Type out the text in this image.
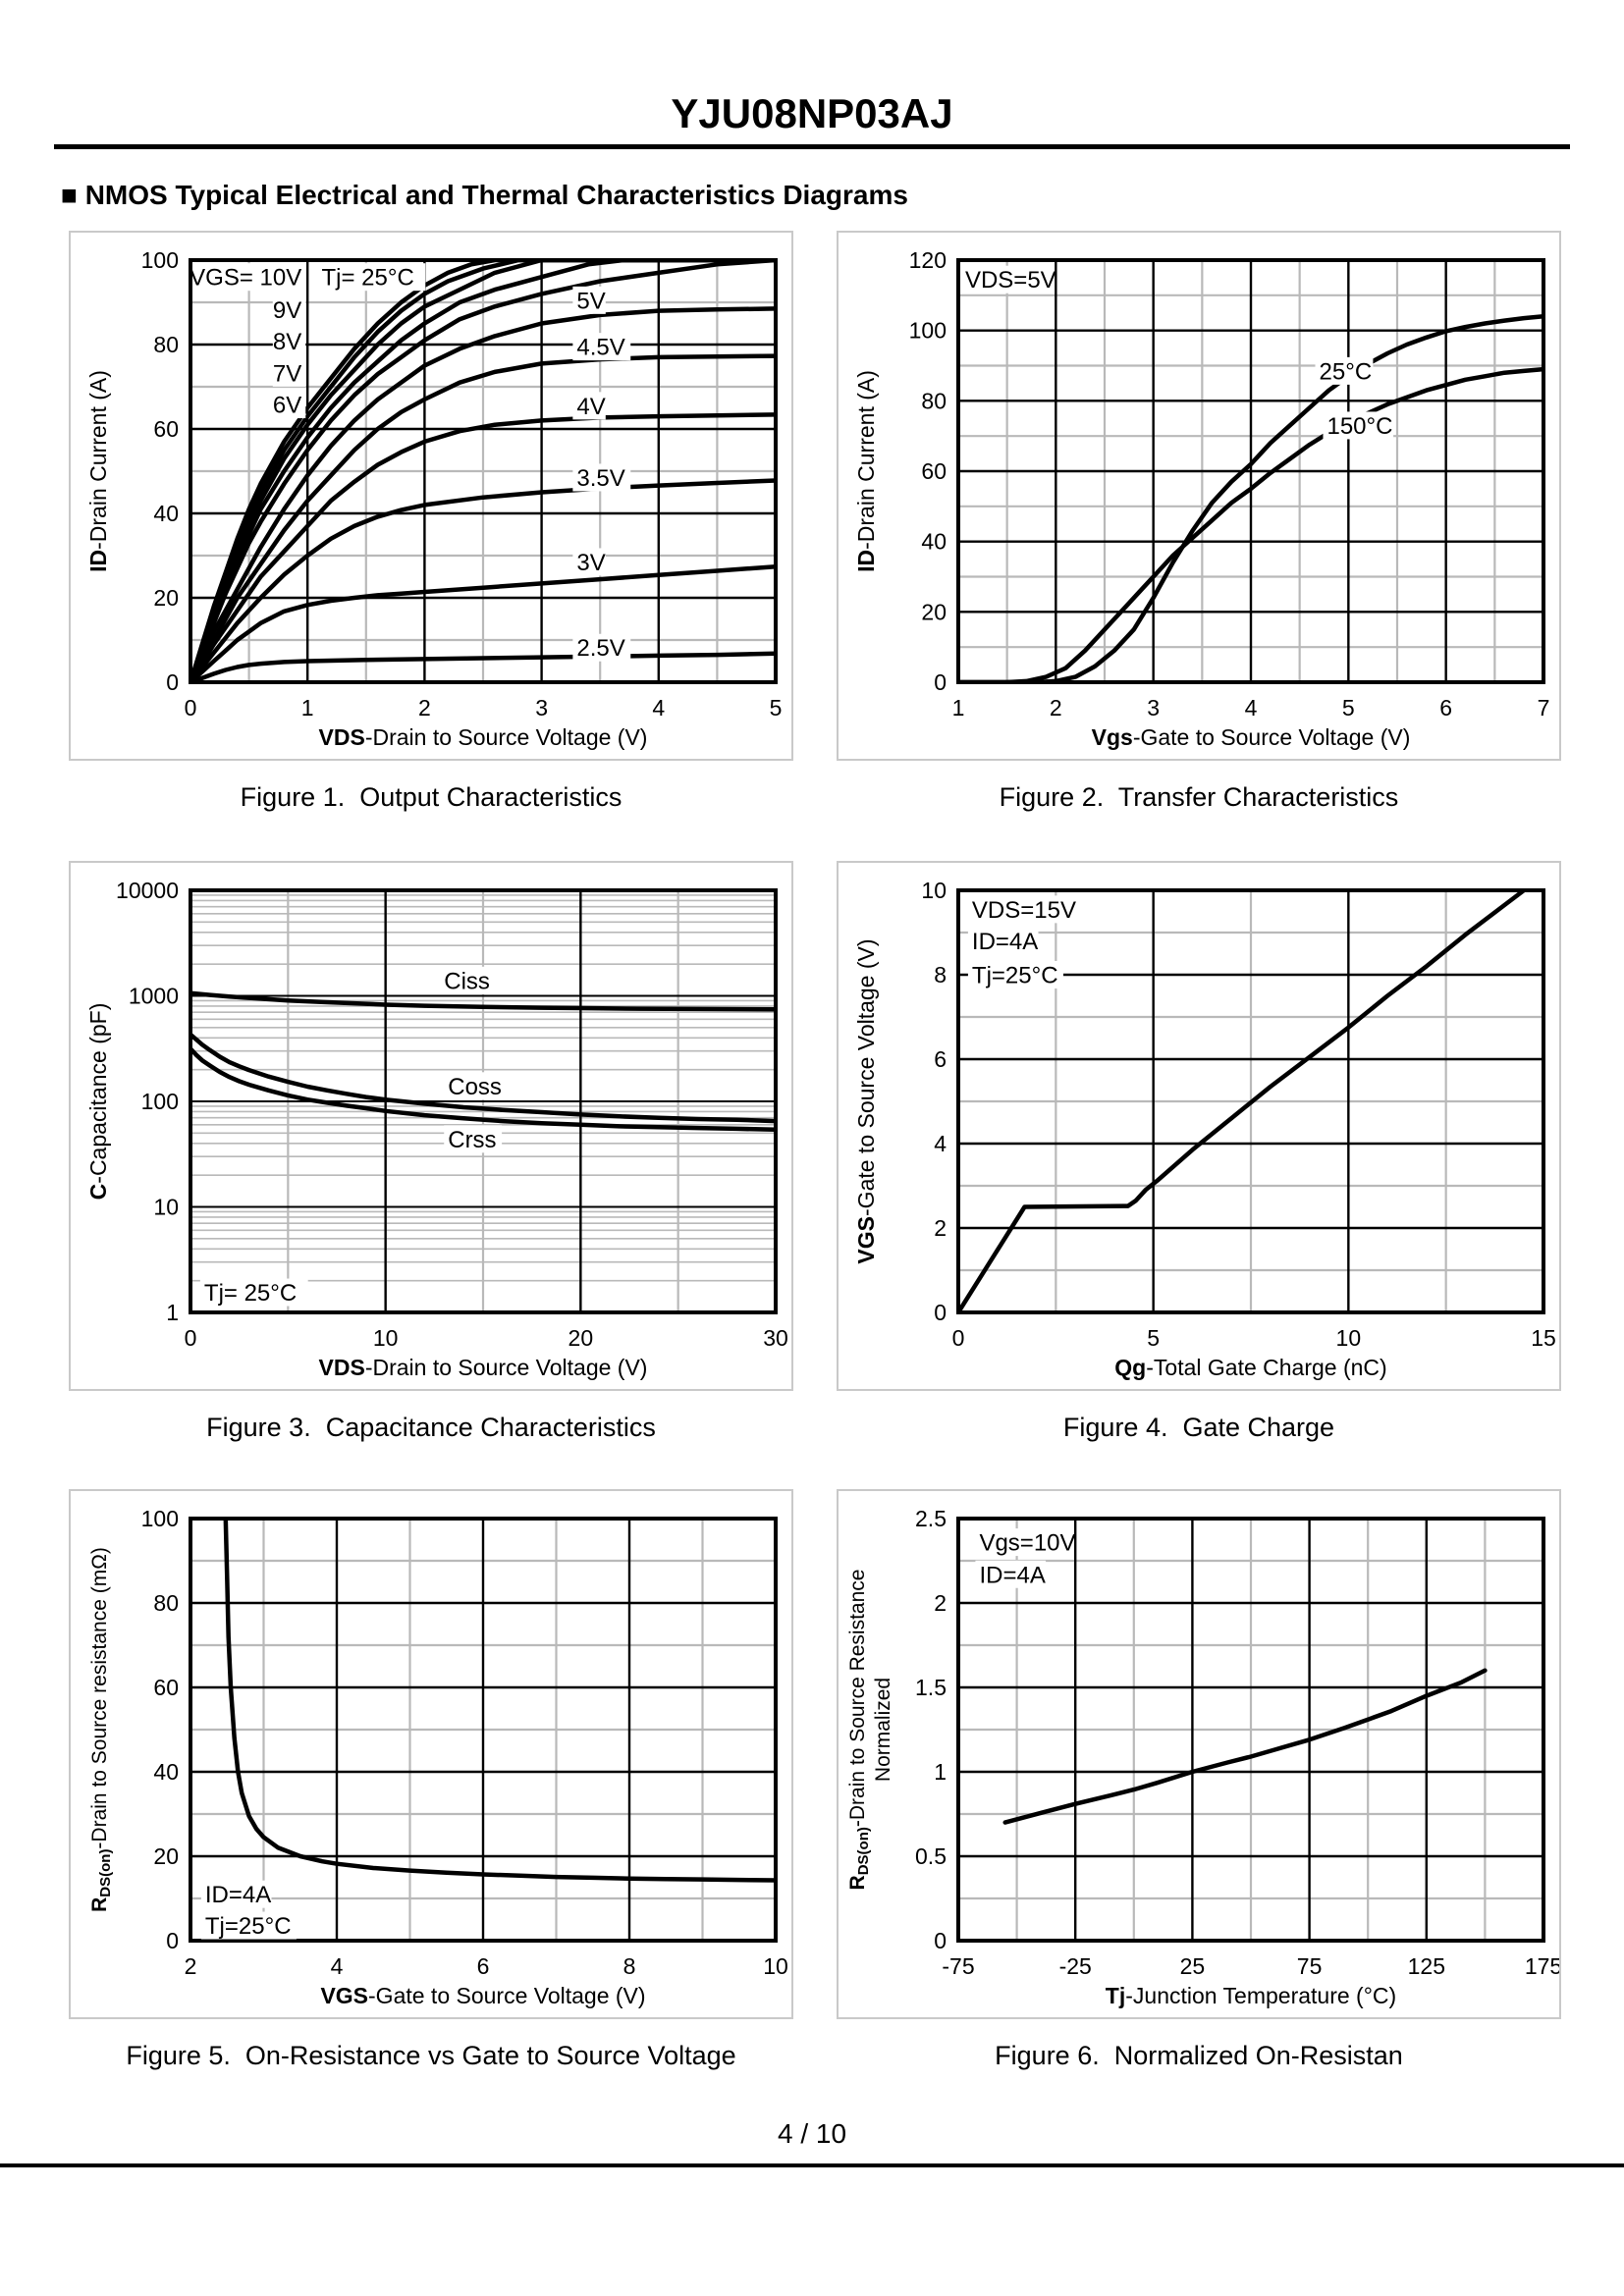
YJU08NP03AJ
■ NMOS Typical Electrical and Thermal Characteristics Diagrams
VGS= 10V Tj= 25°C
9V
8V
7V
6V
5V
4.5V
4V
3.5V
3V
2.5V
0	1	2	3	4	5
0
20
40
60
80
100
VDS-Drain to Source Voltage (V)
ID-Drain Current (A)
Figure 1.  Output Characteristics
VDS=5V
25°C
150°C
1	2	3	4	5	6	7
0
20
40
60
80
100
120
Vgs-Gate to Source Voltage (V)
ID-Drain Current (A)
Figure 2.  Transfer Characteristics
Ciss
Coss
Crss
Tj= 25°C
0	10	20	30
1
10
100
1000
10000
VDS-Drain to Source Voltage (V)
C-Capacitance (pF)
Figure 3.  Capacitance Characteristics
VDS=15V
ID=4A
Tj=25°C
0	5	10	15
0
2
4
6
8
10
Qg-Total Gate Charge (nC)
VGS-Gate to Source Voltage (V)
Figure 4.  Gate Charge
ID=4A
Tj=25°C
2	4	6	8	10
0
20
40
60
80
100
VGS-Gate to Source Voltage (V)
RDS(on)-Drain to Source resistance (mΩ)
Figure 5.  On-Resistance vs Gate to Source Voltage
Vgs=10V
ID=4A
-75	-25	25	75	125	175
0
0.5
1
1.5
2
2.5
Tj-Junction Temperature (°C)
RDS(on)-Drain to Source Resistance Normalized
Figure 6.  Normalized On-Resistan
4 / 10
